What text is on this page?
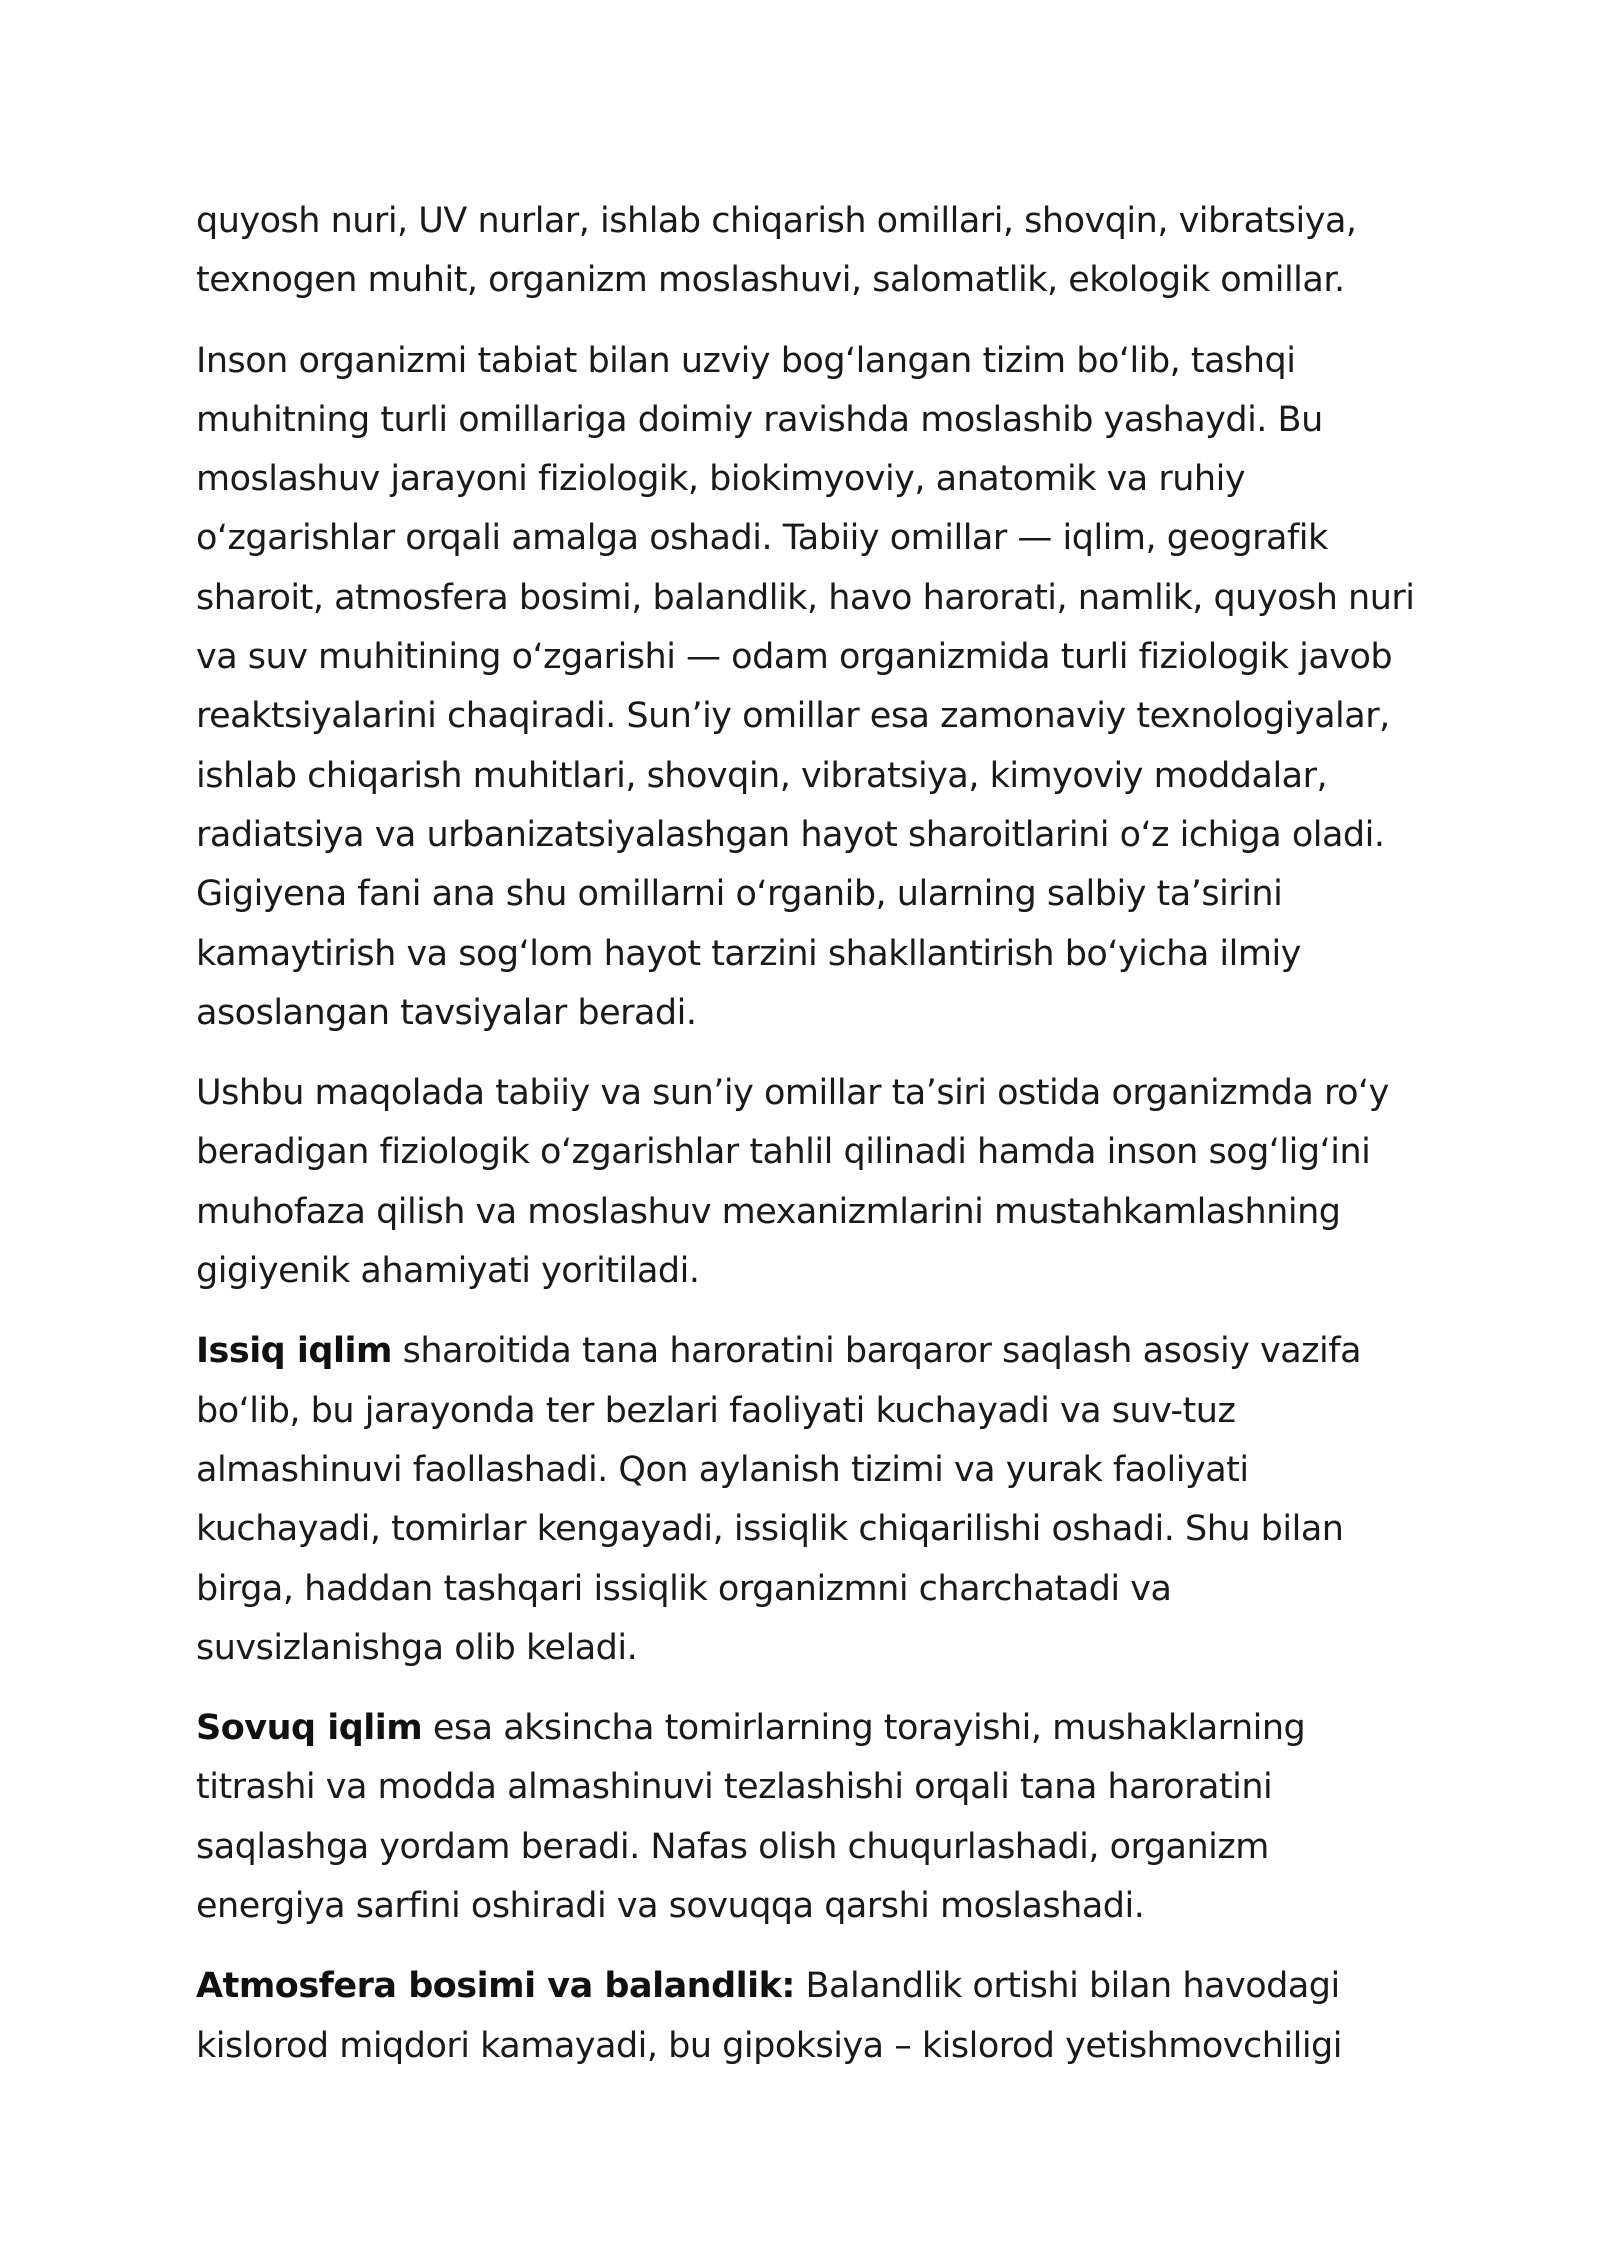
quyosh nuri, UV nurlar, ishlab chiqarish omillari, shovqin, vibratsiya, texnogen muhit, organizm moslashuvi, salomatlik, ekologik omillar.

Inson organizmi tabiat bilan uzviy bog‘langan tizim bo‘lib, tashqi muhitning turli omillariga doimiy ravishda moslashib yashaydi. Bu moslashuv jarayoni fiziologik, biokimyoviy, anatomik va ruhiy o‘zgarishlar orqali amalga oshadi. Tabiiy omillar — iqlim, geografik sharoit, atmosfera bosimi, balandlik, havo harorati, namlik, quyosh nuri va suv muhitining o‘zgarishi — odam organizmida turli fiziologik javob reaktsiyalarini chaqiradi. Sun’iy omillar esa zamonaviy texnologiyalar, ishlab chiqarish muhitlari, shovqin, vibratsiya, kimyoviy moddalar, radiatsiya va urbanizatsiyalashgan hayot sharoitlarini o‘z ichiga oladi. Gigiyena fani ana shu omillarni o‘rganib, ularning salbiy ta’sirini kamaytirish va sog‘lom hayot tarzini shakllantirish bo‘yicha ilmiy asoslangan tavsiyalar beradi.

Ushbu maqolada tabiiy va sun’iy omillar ta’siri ostida organizmda ro‘y beradigan fiziologik o‘zgarishlar tahlil qilinadi hamda inson sog‘lig‘ini muhofaza qilish va moslashuv mexanizmlarini mustahkamlashning gigiyenik ahamiyati yoritiladi.

Issiq iqlim sharoitida tana haroratini barqaror saqlash asosiy vazifa bo‘lib, bu jarayonda ter bezlari faoliyati kuchayadi va suv-tuz almashinuvi faollashadi. Qon aylanish tizimi va yurak faoliyati kuchayadi, tomirlar kengayadi, issiqlik chiqarilishi oshadi. Shu bilan birga, haddan tashqari issiqlik organizmni charchatadi va suvsizlanishga olib keladi.

Sovuq iqlim esa aksincha tomirlarning torayishi, mushaklarning titrashi va modda almashinuvi tezlashishi orqali tana haroratini saqlashga yordam beradi. Nafas olish chuqurlashadi, organizm energiya sarfini oshiradi va sovuqqa qarshi moslashadi.

Atmosfera bosimi va balandlik: Balandlik ortishi bilan havodagi kislorod miqdori kamayadi, bu gipoksiya – kislorod yetishmovchiligi
